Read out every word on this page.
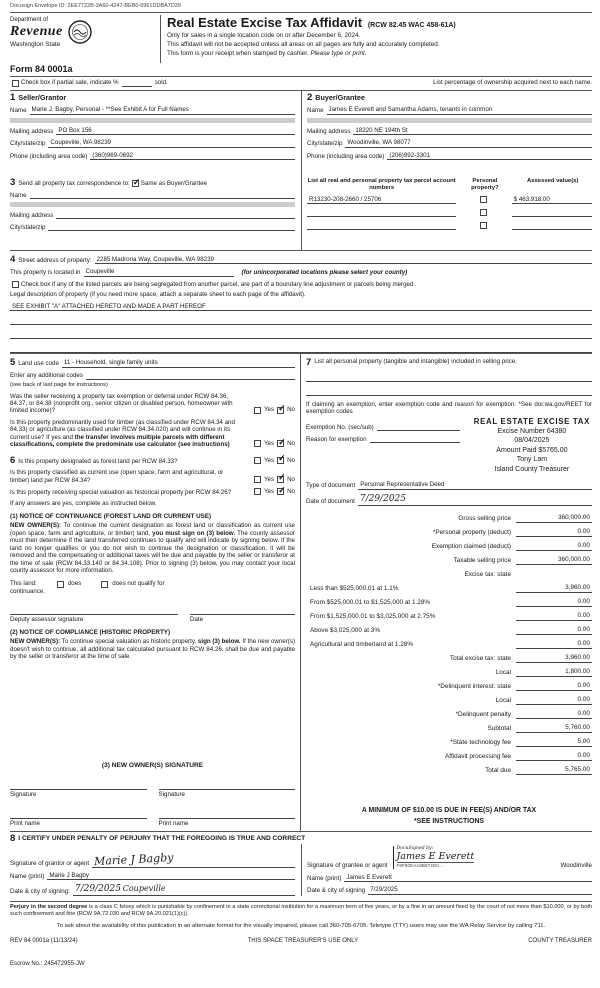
Docusign Envelope ID: 2EE7722B-3A60-4247-BEB0-6961DDBA7D39
Department of
Revenue
Washington State
Real Estate Excise Tax Affidavit (RCW 82.45 WAC 458-61A)
Only for sales in a single location code on or after December 6, 2024.
This affidavit will not be accepted unless all areas on all pages are fully and accurately completed.
This form is your receipt when stamped by cashier. Please type or print.
Form 84 0001a
Check box if partial sale, indicate %	sold.	List percentage of ownership acquired next to each name.
1 Seller/Grantor
Name Marie J. Bagby, Personal - **See Exhibit A for Full Names
Mailing address PO Box 156
City/state/zip Coupeville, WA 98239
Phone (including area code) (360)969-0692
2 Buyer/Grantee
Name James E Everett and Samantha Adams, tenants in common
Mailing address 18220 NE 194th St
City/state/zip Woodinville, WA 98077
Phone (including area code) (206)992-3301
3 Send all property tax correspondence to: ✓ Same as Buyer/Grantee
Name
Mailing address
City/state/zip
List all real and personal property tax parcel account numbers
Personal property?
Assessed value(s)
R13230-208-2660 / 25706	$ 463,918.00
4 Street address of property: 2285 Madrona Way, Coupeville, WA 98239
This property is located in Coupeville	(for unincorporated locations please select your county)
Check box if any of the listed parcels are being segregated from another parcel, are part of a boundary line adjustment or parcels being merged.
Legal description of property (if you need more space, attach a separate sheet to each page of the affidavit).
SEE EXHIBIT "A" ATTACHED HERETO AND MADE A PART HEREOF
5 Land use code 11 - Household, single family units
Enter any additional codes
(see back of last page for instructions)
Was the seller receiving a property tax exemption or deferral under RCW 84.36, 84.37, or 84.38 (nonprofit org., senior citizen or disabled person, homeowner with limited income)?	Yes ✓ No
Is this property predominantly used for timber (as classified under RCW 84.34 and 84.33) or agriculture (as classified under RCW 84.34.020) and will continue in its current use? If yes and the transfer involves multiple parcels with different classifications, complete the predominate use calculator (see instructions)	Yes ✓ No
6 Is this property designated as forest land per RCW 84.33?	Yes ✓ No
Is this property classified as current use (open space, farm and agricultural, or timber) land per RCW 84.34?	Yes ✓ No
Is this property receiving special valuation as historical property per RCW 84.26?	Yes ✓ No
If any answers are yes, complete as instructed below.
(1) NOTICE OF CONTINUANCE (FOREST LAND OR CURRENT USE)
NEW OWNER(S): To continue the current designation as forest land or classification as current use (open space, farm and agriculture, or timber) land, you must sign on (3) below. The county assessor must then determine if the land transferred continues to qualify and will indicate by signing below. If the land no longer qualifies or you do not wish to continue the designation or classification, it will be removed and the compensating or additional taxes will be due and payable by the seller or transferor at the time of sale (RCW 84.33.140 or 84.34.108). Prior to signing (3) below, you may contact your local county assessor for more information.
This land:	does	does not qualify for
continuance.
Deputy assessor signature	Date
(2) NOTICE OF COMPLIANCE (HISTORIC PROPERTY)
NEW OWNER(S): To continue special valuation as historic property, sign (3) below. If the new owner(s) doesn't wish to continue, all additional tax calculated pursuant to RCW 84.26, shall be due and payable by the seller or transferor at the time of sale.
(3) NEW OWNER(S) SIGNATURE
Signature	Signature
Print name	Print name
7 List all personal property (tangible and intangible) included in selling price.
If claiming an exemption, enter exemption code and reason for exemption. *See dor.wa.gov/REET for exemption codes
Exemption No. (sec/sub)
Reason for exemption
REAL ESTATE EXCISE TAX
Excise Number 64380
08/04/2025
Amount Paid $5765.00
Tony Lam
Island County Treasurer
Type of document Personal Representative Deed
Date of document 7/29/2025
Gross selling price	360,000.00
*Personal property (deduct)	0.00
Exemption claimed (deduct)	0.00
Taxable selling price	360,000.00
Excise tax: state
Less than $525,000.01 at 1.1%	3,960.00
From $525,000.01 to $1,525,000 at 1.28%	0.00
From $1,525,000.01 to $3,025,000 at 2.75%	0.00
Above $3,025,000 at 3%	0.00
Agricultural and timberland at 1.28%	0.00
Total excise tax: state	3,960.00
Local	1,800.00
*Delinquent interest: state	0.00
Local	0.00
*Delinquent penalty	0.00
Subtotal	5,760.00
*State technology fee	5.00
Affidavit processing fee	0.00
Total due	5,765.00
A MINIMUM OF $10.00 IS DUE IN FEE(S) AND/OR TAX
*SEE INSTRUCTIONS
8 I CERTIFY UNDER PENALTY OF PERJURY THAT THE FOREGOING IS TRUE AND CORRECT
Signature of grantor or agent Marie J Bagby
Name (print) Marie J Bagby
Date & city of signing: 7/29/2025 Coupeville
Signature of grantee or agent
DocuSigned by:
James E Everett
F8F80EAA8B874D0...	Woodinville
Name (print) James E Everett
Date & city of signing 7/29/2025
Perjury in the second degree is a class C felony which is punishable by confinement in a state correctional institution for a maximum term of five years, or by a fine in an amount fixed by the court of not more than $10,000, or by both such confinement and fine (RCW 9A.72.030 and RCW 9A.20.021(1)(c)).
To ask about the availability of this publication in an alternate format for the visually impaired, please call 360-705-6705. Teletype (TTY) users may use the WA Relay Service by calling 711.
REV 84 0001a (11/13/24)	THIS SPACE TREASURER'S USE ONLY	COUNTY TREASURER
Escrow No.: 245472955-JW
